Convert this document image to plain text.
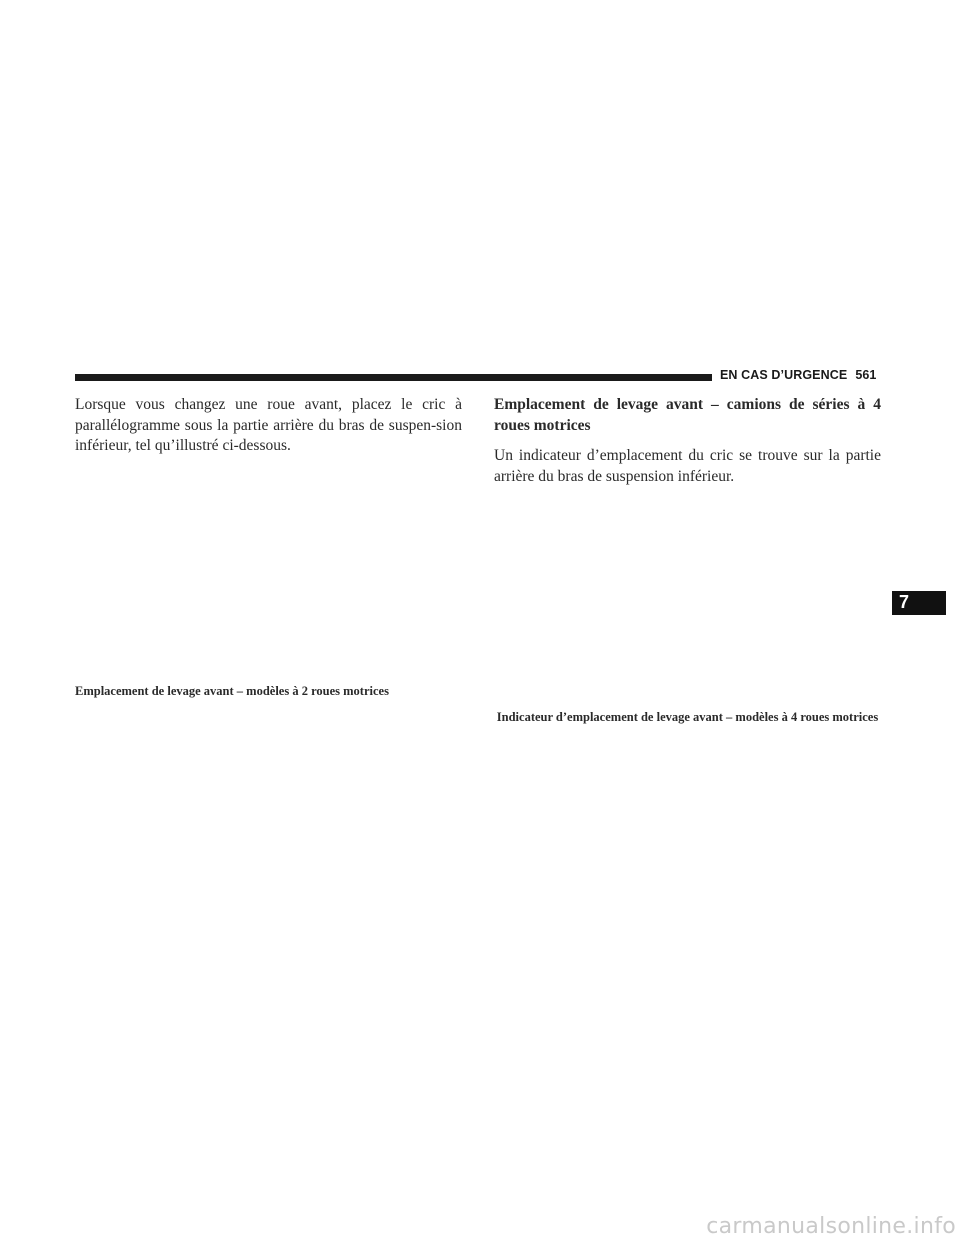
EN CAS D’URGENCE 561

Lorsque vous changez une roue avant, placez le cric à parallélogramme sous la partie arrière du bras de suspen-sion inférieur, tel qu’illustré ci-dessous.

Emplacement de levage avant – modèles à 2 roues motrices
Emplacement de levage avant – camions de séries à 4 roues motrices

Un indicateur d’emplacement du cric se trouve sur la partie arrière du bras de suspension inférieur.

Indicateur d’emplacement de levage avant – modèles à 4 roues motrices
7
carmanualsonline.info
